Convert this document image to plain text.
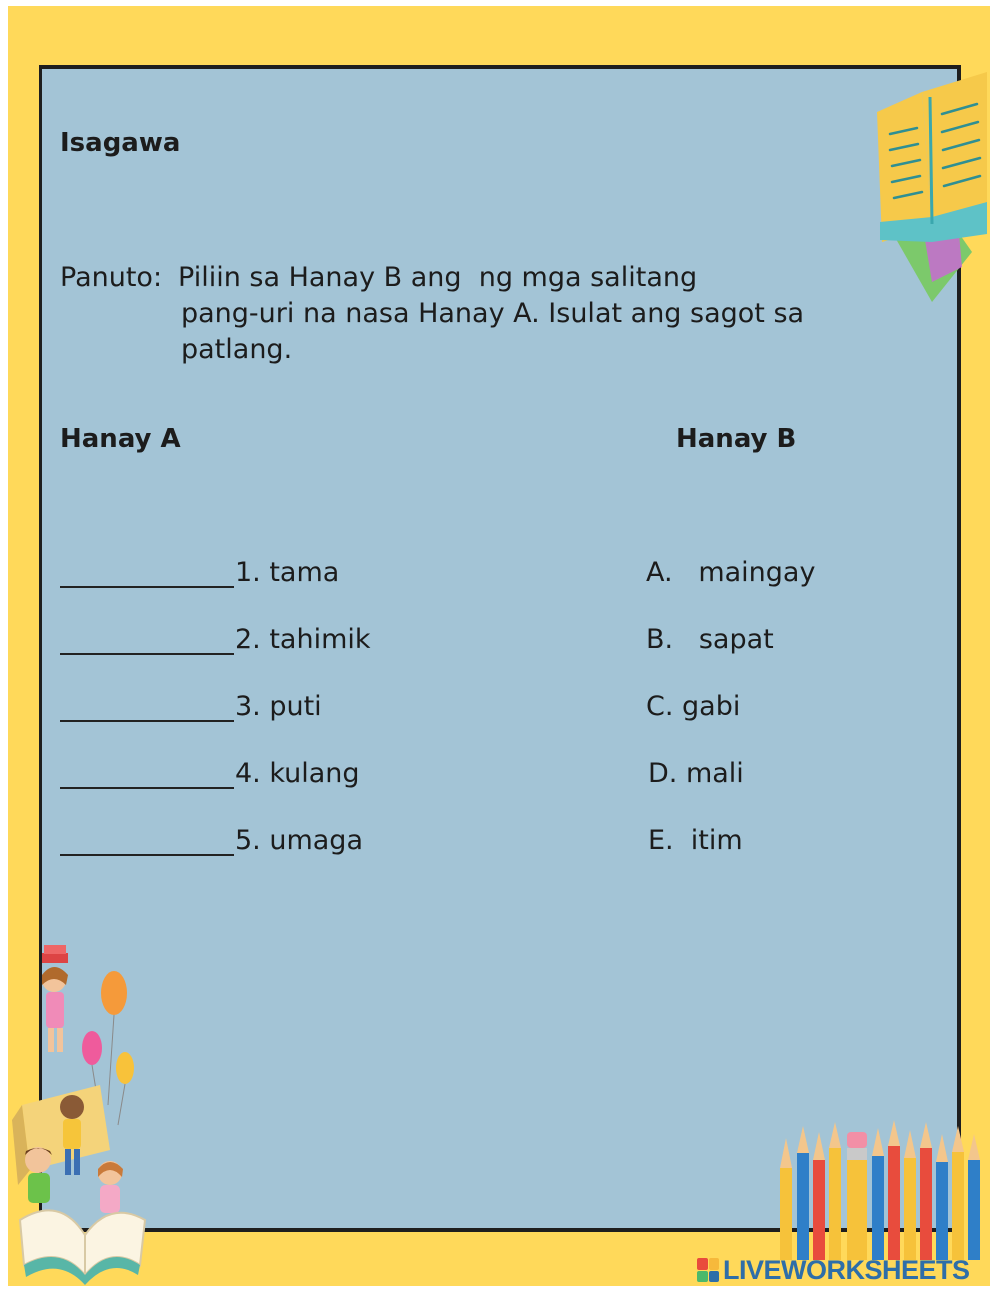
Isagawa

Panuto: Piliin sa Hanay B ang  ng mga salitang

pang-uri na nasa Hanay A. Isulat ang sagot sa

patlang.

Hanay A	Hanay B

1. tama

2. tahimik

3. puti

4. kulang

5. umaga

A.   maingay

B.   sapat

C. gabi

D. mali

E.  itim

LIVEWORKSHEETS
